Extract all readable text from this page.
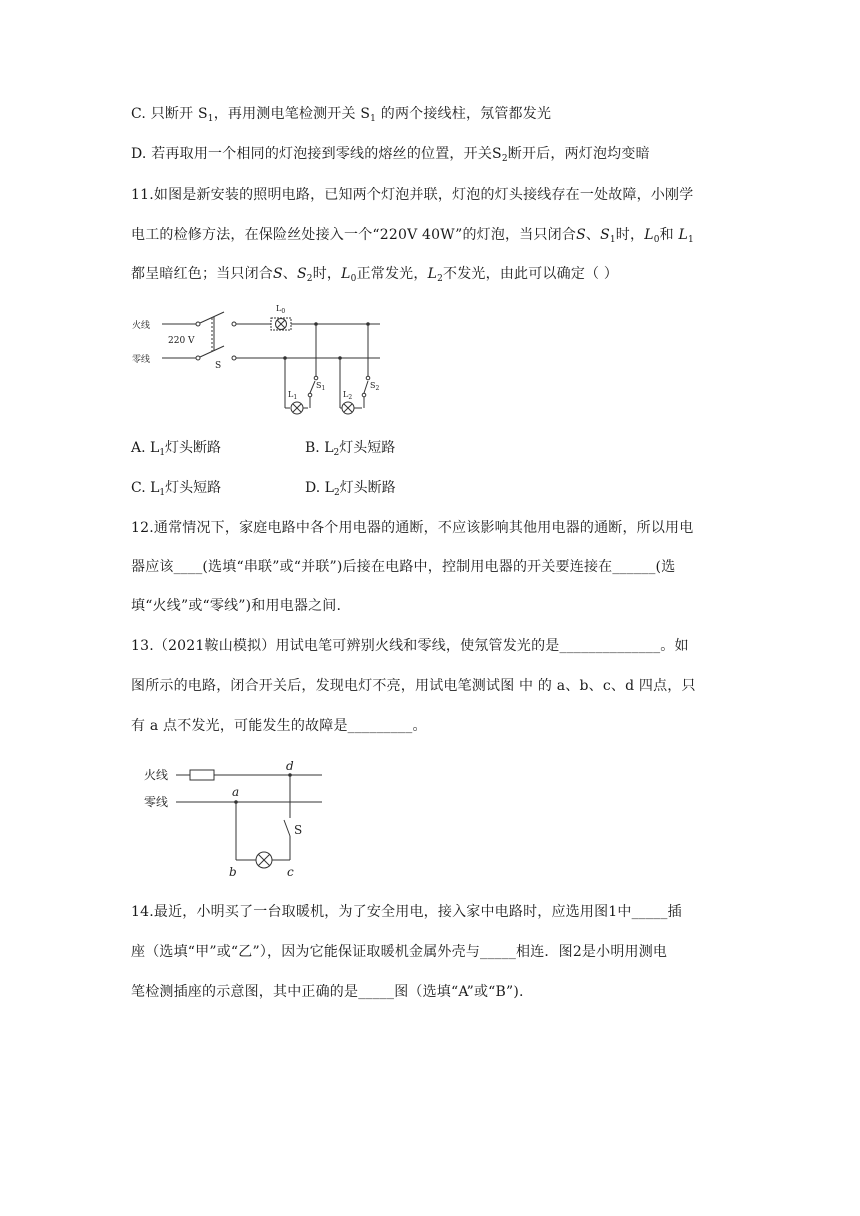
C. 只断开 $S_1$，再用测电笔检测开关 $S_1$ 的两个接线柱，氖管都发光
D. 若再取用一个相同的灯泡接到零线的熔丝的位置，开关$S_2$断开后，两灯泡均变暗
11.如图是新安装的照明电路，已知两个灯泡并联，灯泡的灯头接线存在一处故障，小刚学
电工的检修方法，在保险丝处接入一个“220V 40W”的灯泡，当只闭合S、$S_1$时，$L_0$和 $L_1$
都呈暗红色；当只闭合S、$S_2$时，$L_0$正常发光，$L_2$不发光，由此可以确定（ ）
火线
零线
220 V
S
$L_0$
$L_1$
$S_1$
$L_2$
$S_2$
A. $L_1$灯头断路	B. $L_2$灯头短路
C. $L_1$灯头短路	D. $L_2$灯头断路
12.通常情况下，家庭电路中各个用电器的通断，不应该影响其他用电器的通断，所以用电
器应该____(选填“串联”或“并联”)后接在电路中，控制用电器的开关要连接在______(选
填“火线”或“零线”)和用电器之间.
13.（2021鞍山模拟）用试电笔可辨别火线和零线，使氖管发光的是______________。如
图所示的电路，闭合开关后，发现电灯不亮，用试电笔测试图 中 的 a、b、c、d 四点，只
有 a 点不发光，可能发生的故障是_________。
火线
零线
a
d
b	c
S
14.最近，小明买了一台取暖机，为了安全用电，接入家中电路时，应选用图1中_____插
座（选填“甲”或“乙”），因为它能保证取暖机金属外壳与_____相连．图2是小明用测电
笔检测插座的示意图，其中正确的是_____图（选填“A”或“B”).
